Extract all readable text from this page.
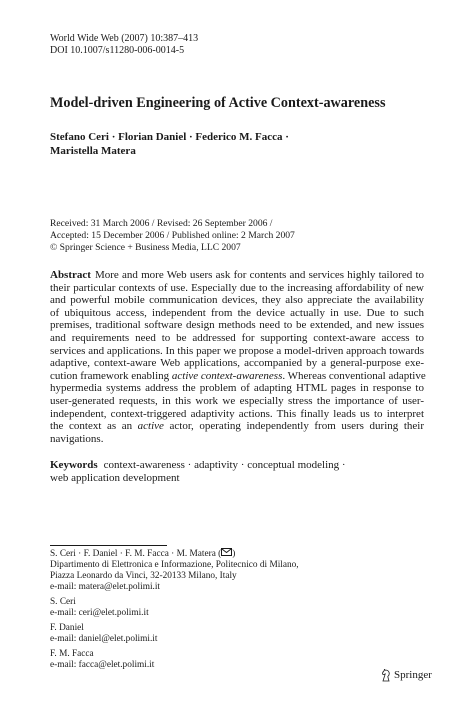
World Wide Web (2007) 10:387–413
DOI 10.1007/s11280-006-0014-5
Model-driven Engineering of Active Context-awareness
Stefano Ceri · Florian Daniel · Federico M. Facca ·
Maristella Matera
Received: 31 March 2006 / Revised: 26 September 2006 /
Accepted: 15 December 2006 / Published online: 2 March 2007
© Springer Science + Business Media, LLC 2007
Abstract More and more Web users ask for contents and services highly tailored to
their particular contexts of use. Especially due to the increasing affordability of new
and powerful mobile communication devices, they also appreciate the availability
of ubiquitous access, independent from the device actually in use. Due to such
premises, traditional software design methods need to be extended, and new issues
and requirements need to be addressed for supporting context-aware access to
services and applications. In this paper we propose a model-driven approach towards
adaptive, context-aware Web applications, accompanied by a general-purpose exe-
cution framework enabling active context-awareness. Whereas conventional adaptive
hypermedia systems address the problem of adapting HTML pages in response to
user-generated requests, in this work we especially stress the importance of user-
independent, context-triggered adaptivity actions. This finally leads us to interpret
the context as an active actor, operating independently from users during their
navigations.
Keywords context-awareness · adaptivity · conceptual modeling ·
web application development
S. Ceri · F. Daniel · F. M. Facca · M. Matera ( )
Dipartimento di Elettronica e Informazione, Politecnico di Milano,
Piazza Leonardo da Vinci, 32-20133 Milano, Italy
e-mail: matera@elet.polimi.it
S. Ceri
e-mail: ceri@elet.polimi.it
F. Daniel
e-mail: daniel@elet.polimi.it
F. M. Facca
e-mail: facca@elet.polimi.it
Springer
